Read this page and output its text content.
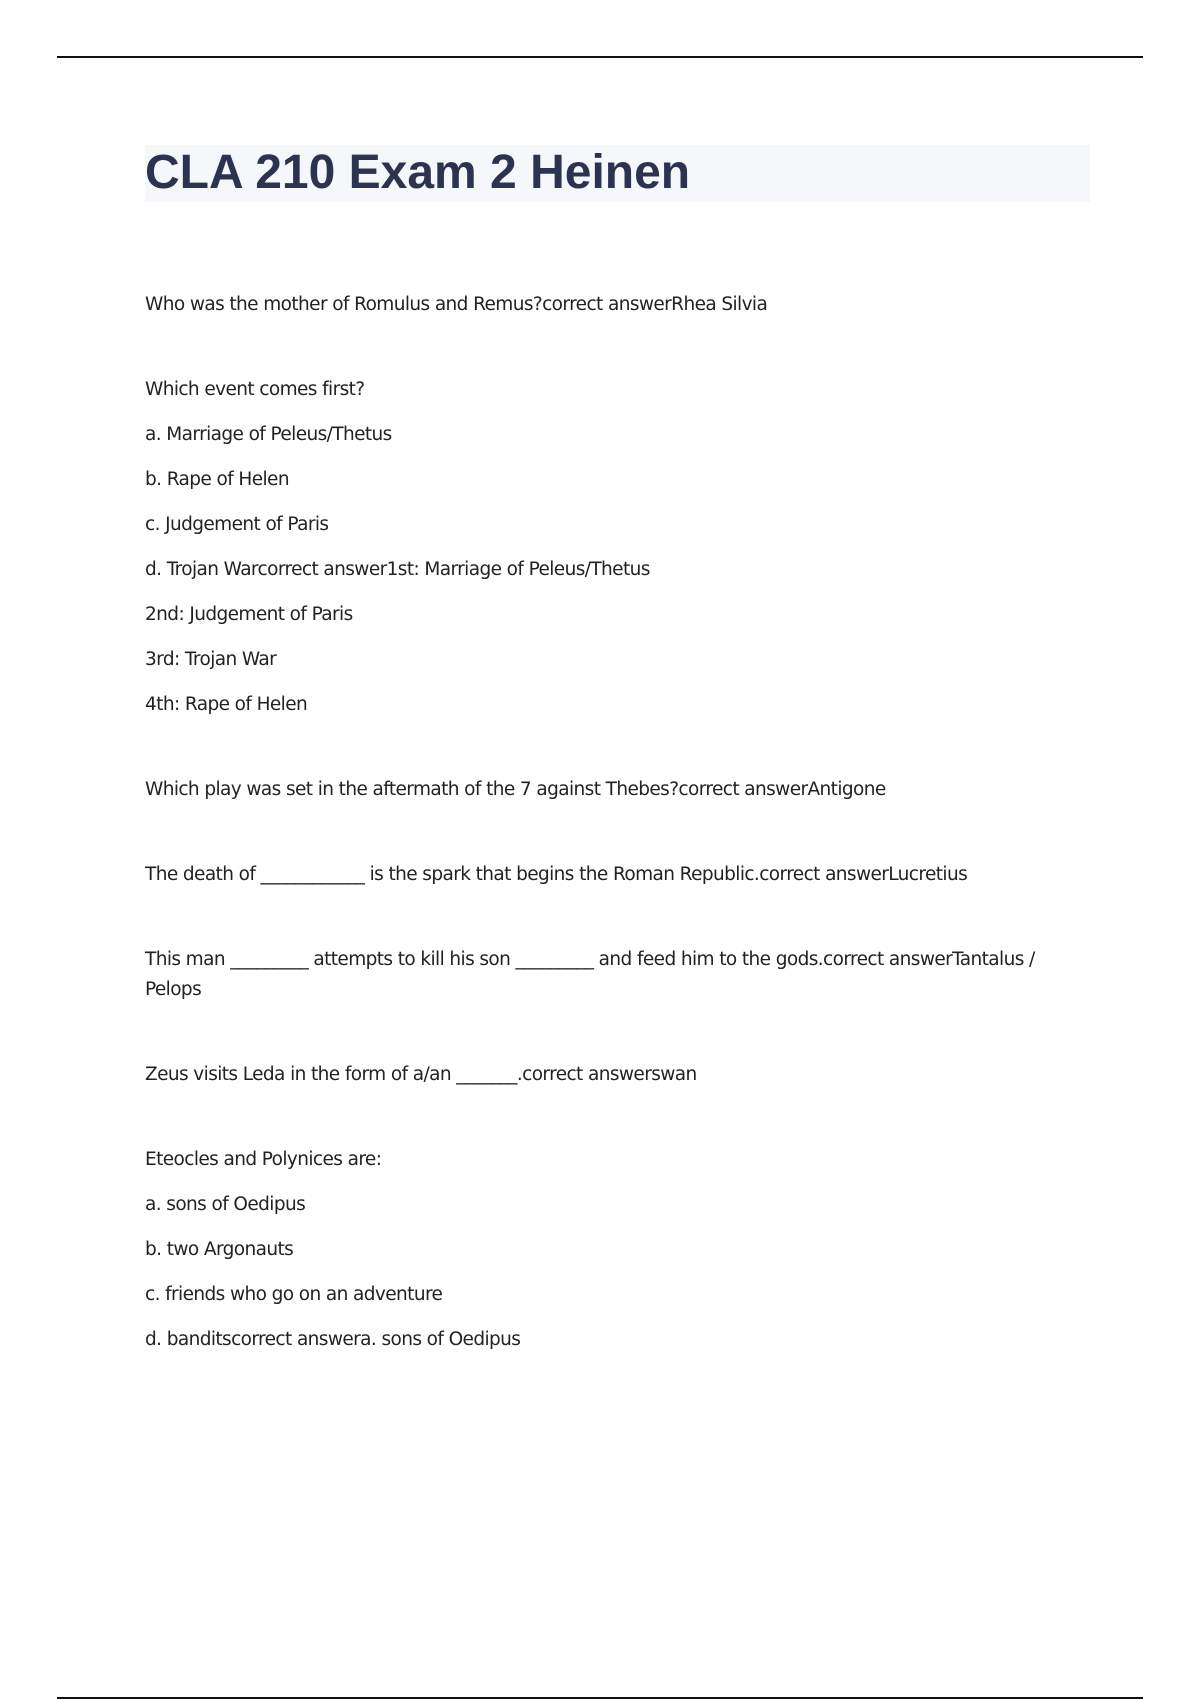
CLA 210 Exam 2 Heinen

Who was the mother of Romulus and Remus?correct answerRhea Silvia

Which event comes first?

a. Marriage of Peleus/Thetus

b. Rape of Helen

c. Judgement of Paris

d. Trojan Warcorrect answer1st: Marriage of Peleus/Thetus

2nd: Judgement of Paris

3rd: Trojan War

4th: Rape of Helen

Which play was set in the aftermath of the 7 against Thebes?correct answerAntigone

The death of ____________ is the spark that begins the Roman Republic.correct answerLucretius

This man _________ attempts to kill his son _________ and feed him to the gods.correct answerTantalus / Pelops

Zeus visits Leda in the form of a/an _______.correct answerswan

Eteocles and Polynices are:

a. sons of Oedipus

b. two Argonauts

c. friends who go on an adventure

d. banditscorrect answera. sons of Oedipus
